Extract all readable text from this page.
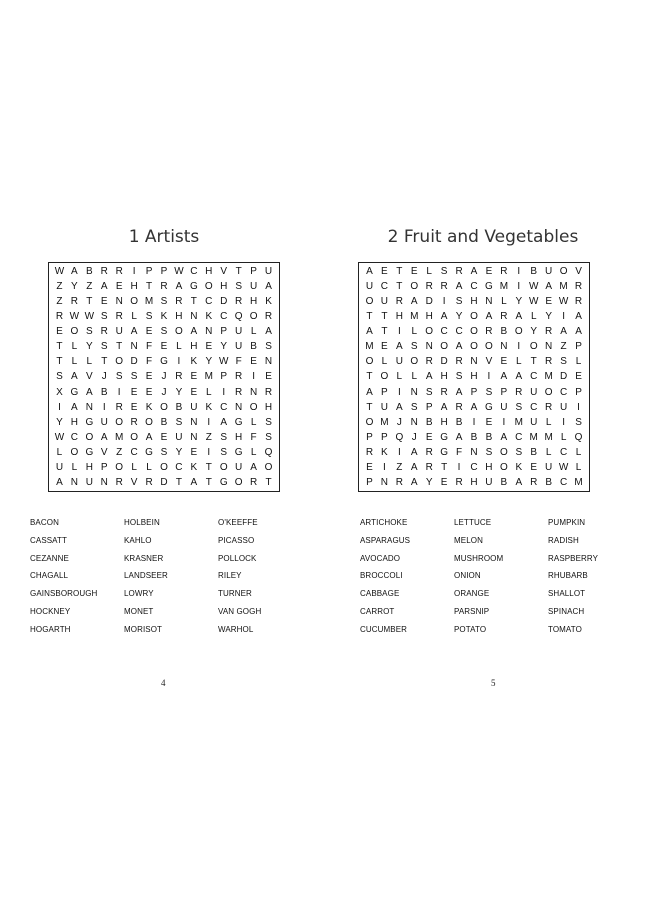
1 Artists
W A B R R I	P P W C H V T P U
Z Y Z A E H T R A G O H S U A
Z R T E N O M S R T C D R H K
R W W S R L S K H N K C Q O R
E O S R U A E S O A N P U L A
T L Y S T N F E L H E Y U B S
T L L T O D F G I	K Y W F E N
S A V J S S E J R E M P R I	E
X G A B	I	E E J Y E L	I R N R
I	A N I R E K O B U K C N O H
Y H G U O R O B S N I	A G L S
W C O A M O A E U N Z S H F S
L O G V Z C G S Y E	I	S G L Q
U L H P O L L O C K T O U A O
A N U N R V R D T A T G O R T
BACON	HOLBEIN	O'KEEFFE
CASSATT	KAHLO	PICASSO
CEZANNE	KRASNER	POLLOCK
CHAGALL	LANDSEER	RILEY
GAINSBOROUGH	LOWRY	TURNER
HOCKNEY	MONET	VAN GOGH
HOGARTH	MORISOT	WARHOL
2 Fruit and Vegetables
A E T E L S R A E R I	B U O V
U C T O R R A C G M I W A M R
O U R A D I	S H N L Y W E W R
T T H M H A Y O A R A L Y	I	A
A T	I	L O C C O R B O Y R A A
M E A S N O A O O N I O N Z P
O L U O R D R N V E L T R S L
T O L L A H S H I	A A C M D E
A P	I N S R A P S P R U O C P
T U A S P A R A G U S C R U I
O M J N B H B	I	E	I M U L	I	S
P P Q J E G A B B A C M M L Q
R K	I	A R G F N S O S B L C L
E	I	Z A R T	I C H O K E U W L
P N R A Y E R H U B A R B C M
ARTICHOKE	LETTUCE	PUMPKIN
ASPARAGUS	MELON	RADISH
AVOCADO	MUSHROOM	RASPBERRY
BROCCOLI	ONION	RHUBARB
CABBAGE	ORANGE	SHALLOT
CARROT	PARSNIP	SPINACH
CUCUMBER	POTATO	TOMATO
4	5
